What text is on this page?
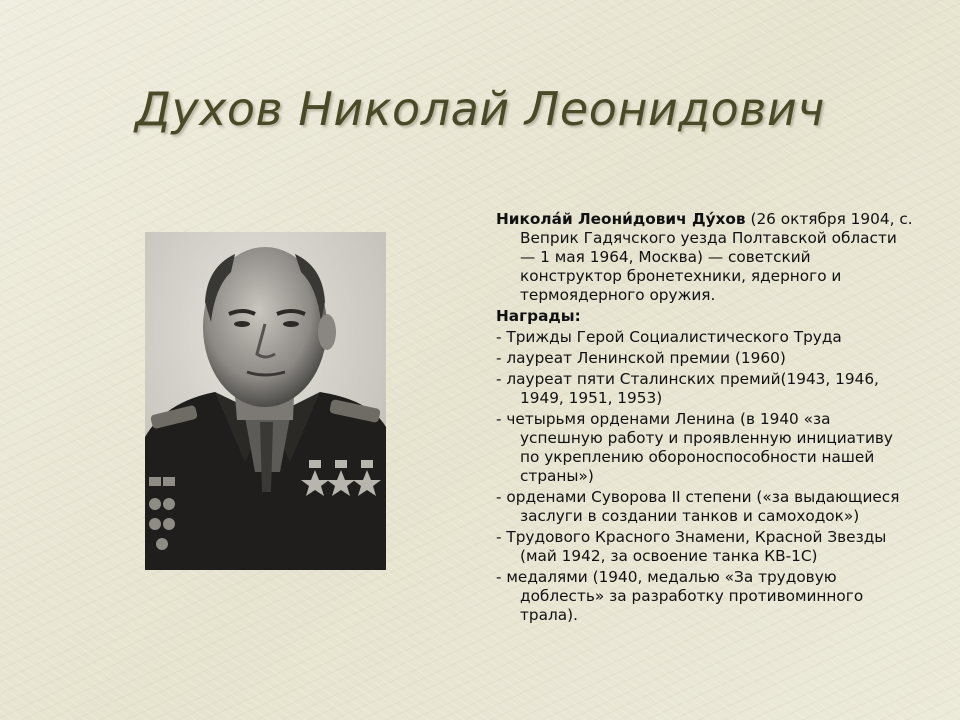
Духов Николай Леонидович

Никола́й Леони́дович Ду́хов (26 октября 1904, с. Веприк Гадячского уезда Полтавской области — 1 мая 1964, Москва) — советский конструктор бронетехники, ядерного и термоядерного оружия.

Награды:

- Трижды Герой Социалистического Труда

- лауреат Ленинской премии (1960)

- лауреат пяти Сталинских премий(1943, 1946, 1949, 1951, 1953)

- четырьмя орденами Ленина (в 1940 «за успешную работу и проявленную инициативу по укреплению обороноспособности нашей страны»)

- орденами Суворова II степени («за выдающиеся заслуги в создании танков и самоходок»)

- Трудового Красного Знамени, Красной Звезды (май 1942, за освоение танка КВ-1С)

- медалями (1940, медалью «За трудовую доблесть» за разработку противоминного трала).
